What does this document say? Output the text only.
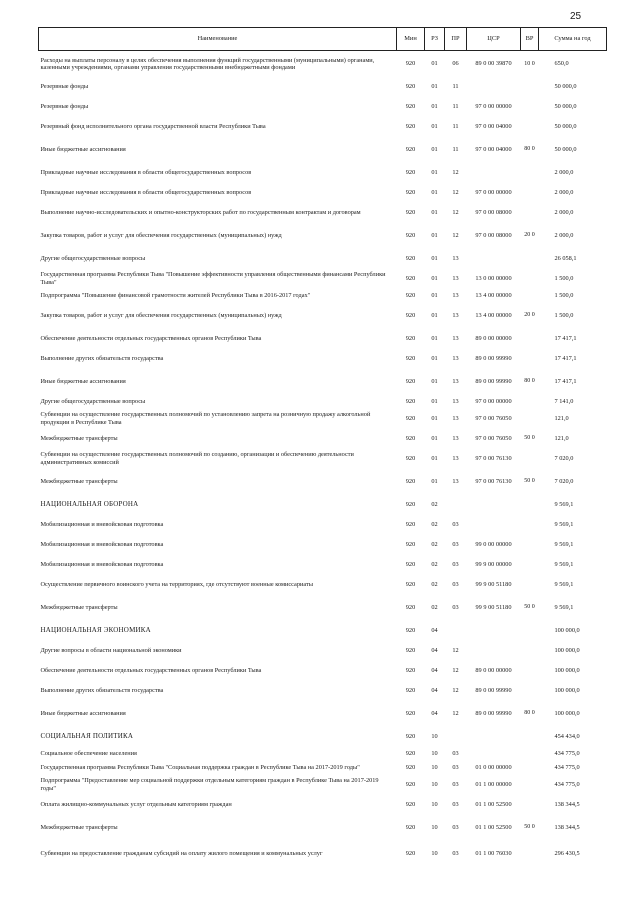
25
Наименование	Мин	РЗ	ПР	ЦСР	ВР	Сумма на год
Расходы на выплаты персоналу в целях обеспечения выполнения функций государственными (муниципальными) органами, казенными учреждениями, органами управления государственными внебюджетными фондами	920	01	06	89 0 00 39870	10 0	650,0
Резервные фонды	920	01	11			50 000,0
Резервные фонды	920	01	11	97 0 00 00000		50 000,0
Резервный фонд исполнительного органа государственной власти Республики Тыва	920	01	11	97 0 00 04000		50 000,0
Иные бюджетные ассигнования	920	01	11	97 0 00 04000	80 0	50 000,0
Прикладные научные исследования в области общегосударственных вопросов	920	01	12			2 000,0
Прикладные научные исследования в области общегосударственных вопросов	920	01	12	97 0 00 00000		2 000,0
Выполнение научно-исследовательских и опытно-конструкторских работ по государственным контрактам и договорам	920	01	12	97 0 00 08000		2 000,0
Закупка товаров, работ и услуг для обеспечения государственных (муниципальных) нужд	920	01	12	97 0 00 08000	20 0	2 000,0
Другие общегосударственные вопросы	920	01	13			26 058,1
Государственная программа Республики Тыва "Повышение эффективности управления общественными финансами Республики Тыва"	920	01	13	13 0 00 00000		1 500,0
Подпрограмма "Повышение финансовой грамотности жителей Республики Тыва в 2016-2017 годах"	920	01	13	13 4 00 00000		1 500,0
Закупка товаров, работ и услуг для обеспечения государственных (муниципальных) нужд	920	01	13	13 4 00 00000	20 0	1 500,0
Обеспечение деятельности отдельных государственных органов Республики Тыва	920	01	13	89 0 00 00000		17 417,1
Выполнение других обязательств государства	920	01	13	89 0 00 99990		17 417,1
Иные бюджетные ассигнования	920	01	13	89 0 00 99990	80 0	17 417,1
Другие общегосударственные вопросы	920	01	13	97 0 00 00000		7 141,0
Субвенции на осуществление государственных полномочий по установлению запрета на розничную продажу алкогольной продукции в Республике Тыва	920	01	13	97 0 00 76050		121,0
Межбюджетные трансферты	920	01	13	97 0 00 76050	50 0	121,0
Субвенции на осуществление государственных полномочий по созданию, организации и обеспечению деятельности административных комиссий	920	01	13	97 0 00 76130		7 020,0
Межбюджетные трансферты	920	01	13	97 0 00 76130	50 0	7 020,0
НАЦИОНАЛЬНАЯ ОБОРОНА	920	02				9 569,1
Мобилизационная и вневойсковая подготовка	920	02	03			9 569,1
Мобилизационная и вневойсковая подготовка	920	02	03	99 0 00 00000		9 569,1
Мобилизационная и вневойсковая подготовка	920	02	03	99 9 00 00000		9 569,1
Осуществление первичного воинского учета на территориях, где отсутствуют военные комиссариаты	920	02	03	99 9 00 51180		9 569,1
Межбюджетные трансферты	920	02	03	99 9 00 51180	50 0	9 569,1
НАЦИОНАЛЬНАЯ ЭКОНОМИКА	920	04				100 000,0
Другие вопросы в области национальной экономики	920	04	12			100 000,0
Обеспечение деятельности отдельных государственных органов Республики Тыва	920	04	12	89 0 00 00000		100 000,0
Выполнение других обязательств государства	920	04	12	89 0 00 99990		100 000,0
Иные бюджетные ассигнования	920	04	12	89 0 00 99990	80 0	100 000,0
СОЦИАЛЬНАЯ ПОЛИТИКА	920	10				454 434,0
Социальное обеспечение населения	920	10	03			434 775,0
Государственная программа Республики Тыва "Социальная поддержка граждан в Республике Тыва на 2017-2019 годы"	920	10	03	01 0 00 00000		434 775,0
Подпрограмма "Предоставление мер социальной поддержки отдельным категориям граждан в Республике Тыва на 2017-2019 годы"	920	10	03	01 1 00 00000		434 775,0
Оплата жилищно-коммунальных услуг отдельным категориям граждан	920	10	03	01 1 00 52500		138 344,5
Межбюджетные трансферты	920	10	03	01 1 00 52500	50 0	138 344,5
Субвенции на предоставление гражданам субсидий на оплату жилого помещения и коммунальных услуг	920	10	03	01 1 00 76030		296 430,5
